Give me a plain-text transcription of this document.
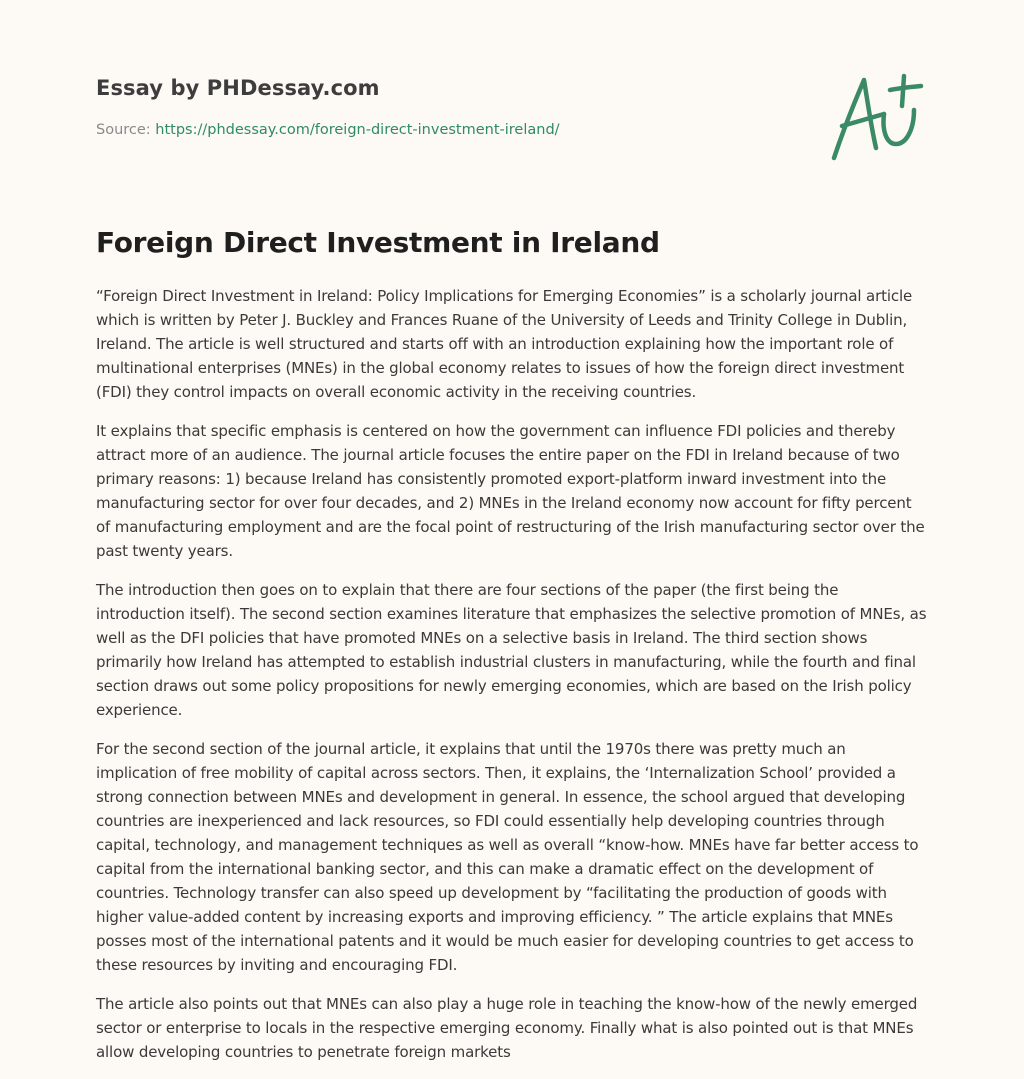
Essay by PHDessay.com
Source: https://phdessay.com/foreign-direct-investment-ireland/
Foreign Direct Investment in Ireland

“Foreign Direct Investment in Ireland: Policy Implications for Emerging Economies” is a scholarly journal article which is written by Peter J. Buckley and Frances Ruane of the University of Leeds and Trinity College in Dublin, Ireland. The article is well structured and starts off with an introduction explaining how the important role of multinational enterprises (MNEs) in the global economy relates to issues of how the foreign direct investment (FDI) they control impacts on overall economic activity in the receiving countries.

It explains that specific emphasis is centered on how the government can influence FDI policies and thereby attract more of an audience. The journal article focuses the entire paper on the FDI in Ireland because of two primary reasons: 1) because Ireland has consistently promoted export-platform inward investment into the manufacturing sector for over four decades, and 2) MNEs in the Ireland economy now account for fifty percent of manufacturing employment and are the focal point of restructuring of the Irish manufacturing sector over the past twenty years.

The introduction then goes on to explain that there are four sections of the paper (the first being the introduction itself). The second section examines literature that emphasizes the selective promotion of MNEs, as well as the DFI policies that have promoted MNEs on a selective basis in Ireland. The third section shows primarily how Ireland has attempted to establish industrial clusters in manufacturing, while the fourth and final section draws out some policy propositions for newly emerging economies, which are based on the Irish policy experience.

For the second section of the journal article, it explains that until the 1970s there was pretty much an implication of free mobility of capital across sectors. Then, it explains, the ‘Internalization School’ provided a strong connection between MNEs and development in general. In essence, the school argued that developing countries are inexperienced and lack resources, so FDI could essentially help developing countries through capital, technology, and management techniques as well as overall “know-how. MNEs have far better access to capital from the international banking sector, and this can make a dramatic effect on the development of countries. Technology transfer can also speed up development by “facilitating the production of goods with higher value-added content by increasing exports and improving efficiency. ” The article explains that MNEs posses most of the international patents and it would be much easier for developing countries to get access to these resources by inviting and encouraging FDI.

The article also points out that MNEs can also play a huge role in teaching the know-how of the newly emerged sector or enterprise to locals in the respective emerging economy. Finally what is also pointed out is that MNEs allow developing countries to penetrate foreign markets
